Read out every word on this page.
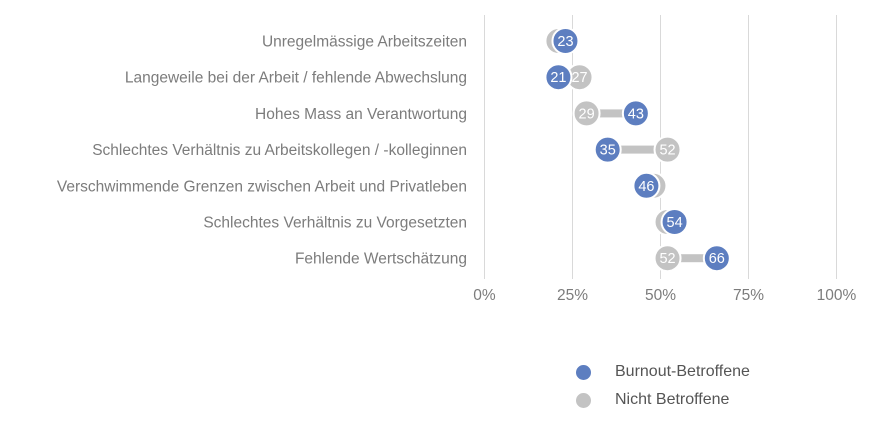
0%	25%	50%	75%	100%
Unregelmässige Arbeitszeiten	23
Langeweile bei der Arbeit / fehlende Abwechslung	27
21
Hohes Mass an Verantwortung	29 43
Schlechtes Verhältnis zu Arbeitskollegen / -kolleginnen	52
35
Verschwimmende Grenzen zwischen Arbeit und Privatleben	46
Schlechtes Verhältnis zu Vorgesetzten	54
Fehlende Wertschätzung	52 66
Burnout-Betroffene
Nicht Betroffene
